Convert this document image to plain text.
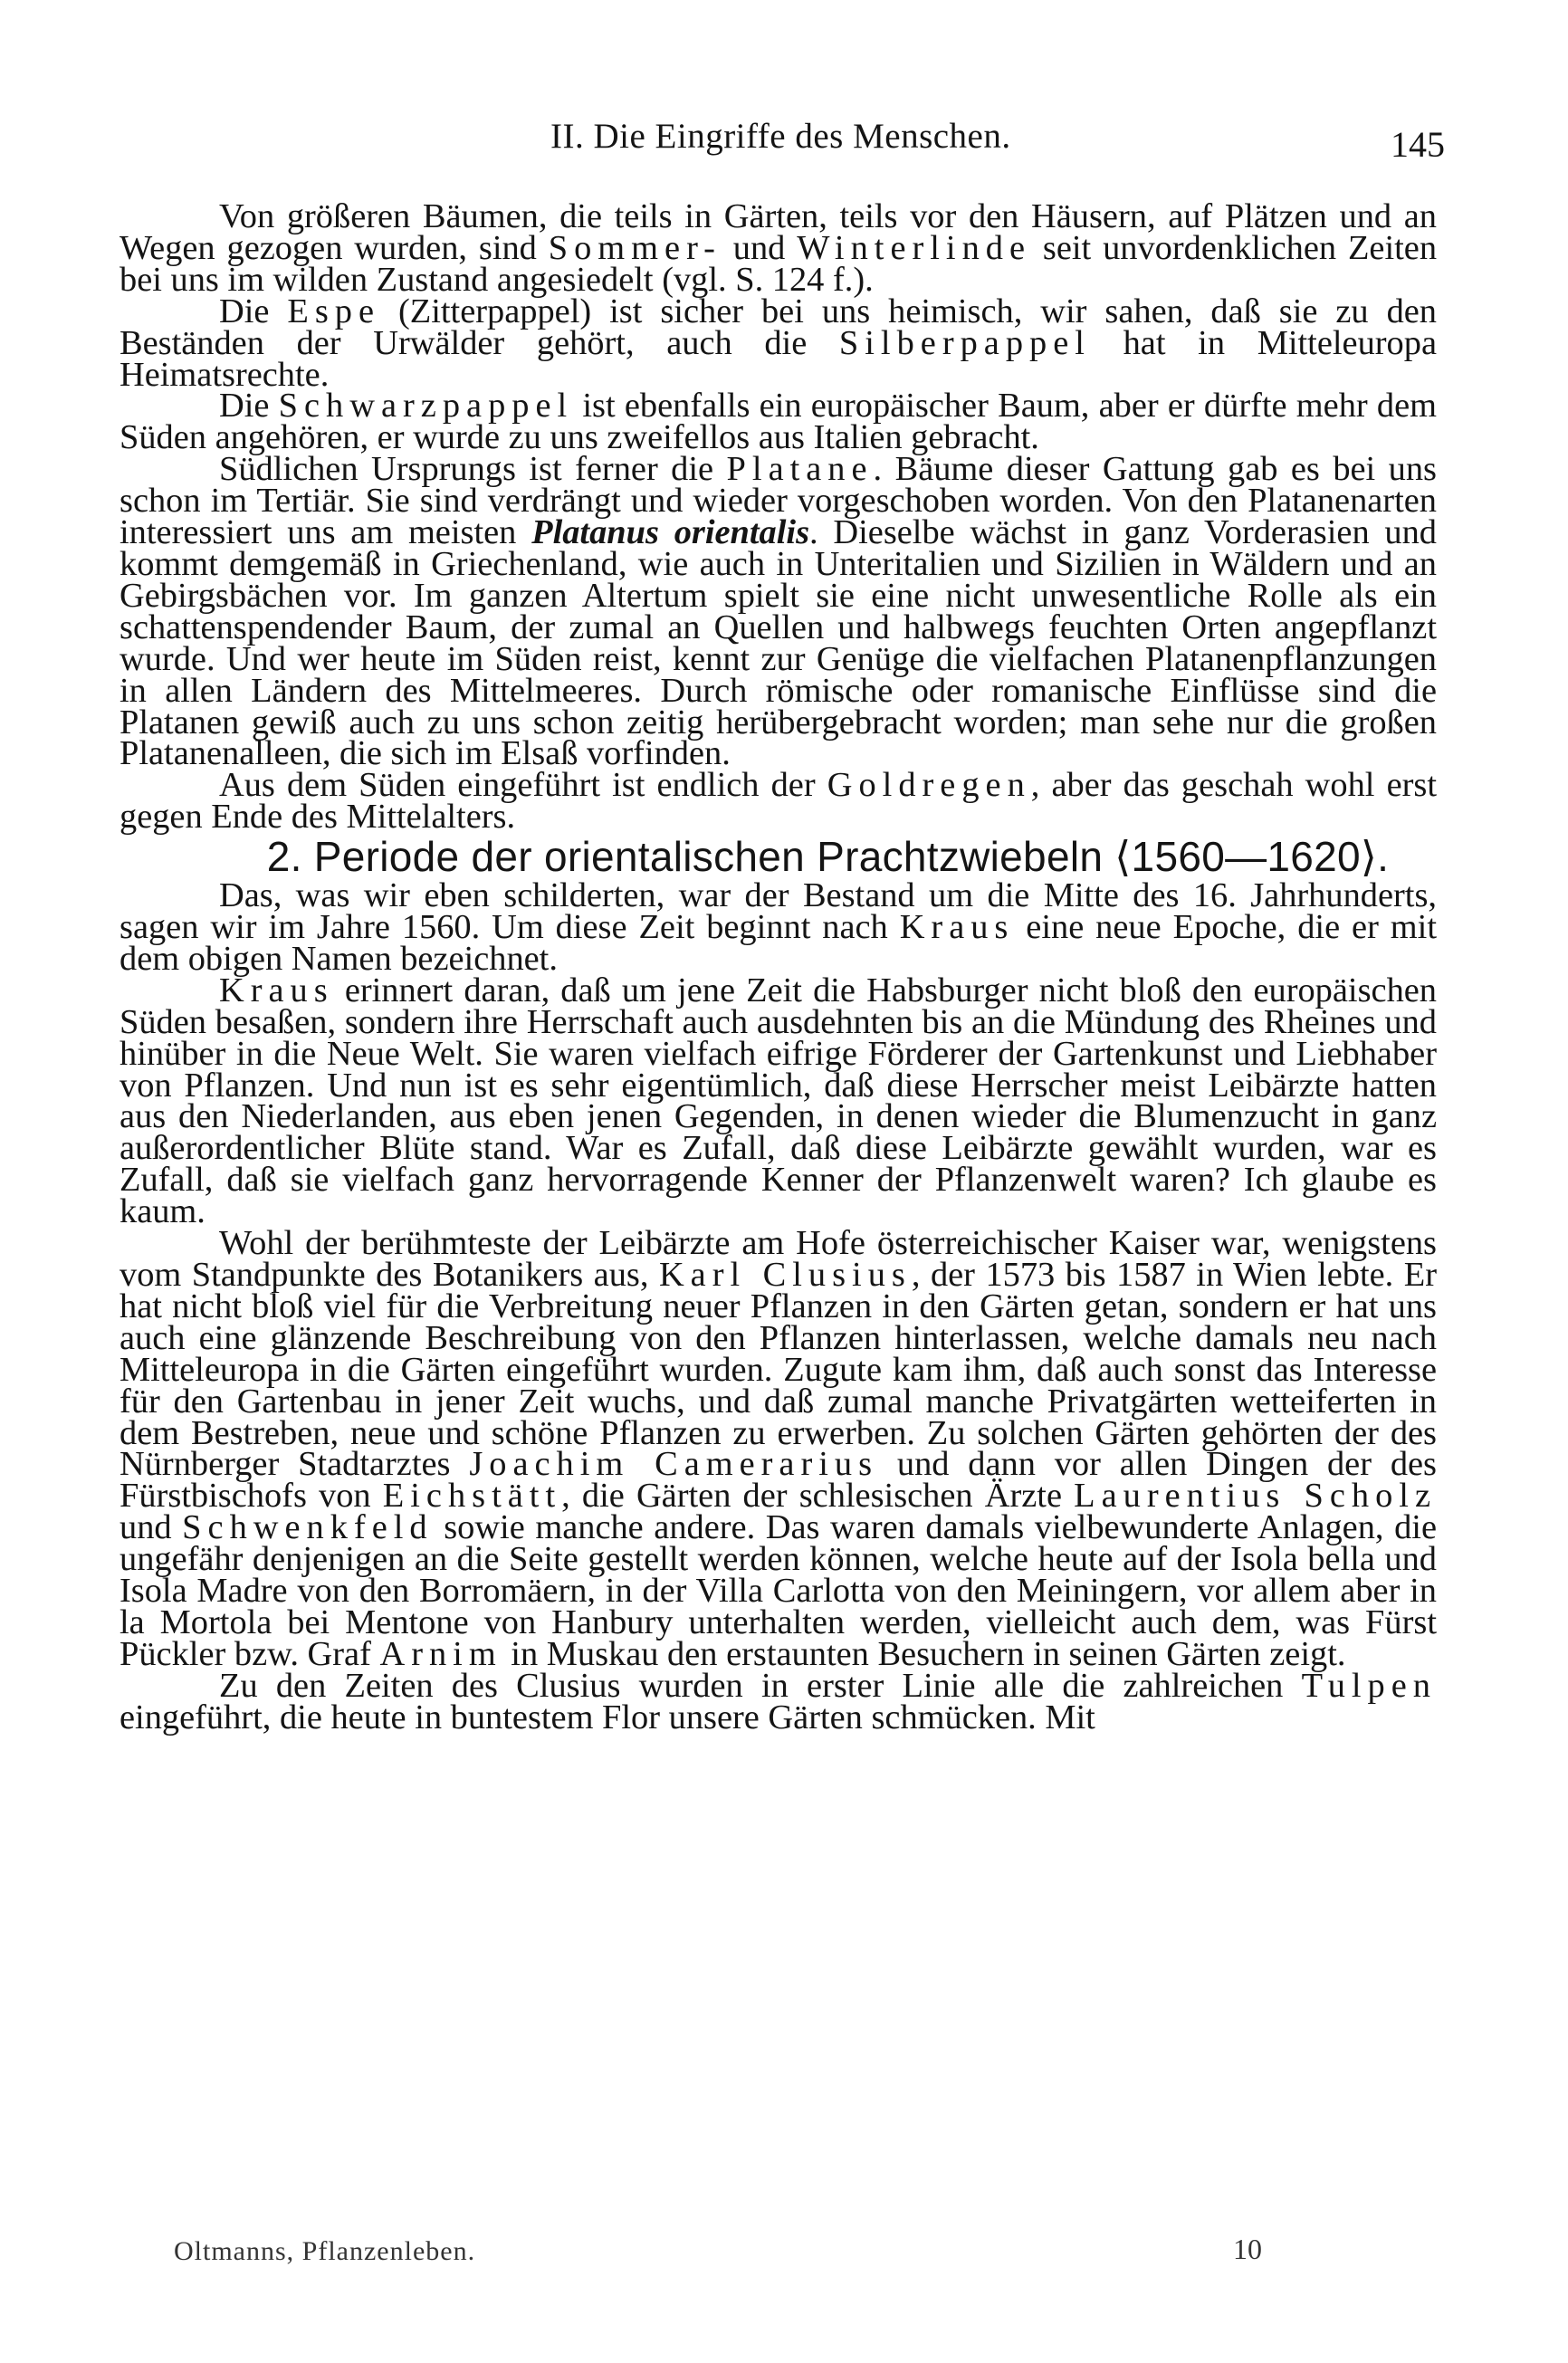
II. Die Eingriffe des Menschen.	145

Von größeren Bäumen, die teils in Gärten, teils vor den Häusern, auf Plätzen und an Wegen gezogen wurden, sind Sommer- und Winterlinde seit unvordenklichen Zeiten bei uns im wilden Zustand angesiedelt (vgl. S. 124 f.).

Die Espe (Zitterpappel) ist sicher bei uns heimisch, wir sahen, daß sie zu den Beständen der Urwälder gehört, auch die Silberpappel hat in Mitteleuropa Heimatsrechte.

Die Schwarzpappel ist ebenfalls ein europäischer Baum, aber er dürfte mehr dem Süden angehören, er wurde zu uns zweifellos aus Italien gebracht.

Südlichen Ursprungs ist ferner die Platane. Bäume dieser Gattung gab es bei uns schon im Tertiär. Sie sind verdrängt und wieder vorgeschoben worden. Von den Platanenarten interessiert uns am meisten Platanus orientalis. Dieselbe wächst in ganz Vorderasien und kommt demgemäß in Griechenland, wie auch in Unteritalien und Sizilien in Wäldern und an Gebirgsbächen vor. Im ganzen Altertum spielt sie eine nicht unwesentliche Rolle als ein schattenspendender Baum, der zumal an Quellen und halbwegs feuchten Orten angepflanzt wurde. Und wer heute im Süden reist, kennt zur Genüge die vielfachen Platanenpflanzungen in allen Ländern des Mittelmeeres. Durch römische oder romanische Einflüsse sind die Platanen gewiß auch zu uns schon zeitig herübergebracht worden; man sehe nur die großen Platanenalleen, die sich im Elsaß vorfinden.

Aus dem Süden eingeführt ist endlich der Goldregen, aber das geschah wohl erst gegen Ende des Mittelalters.

2. Periode der orientalischen Prachtzwiebeln ⟨1560—1620⟩.

Das, was wir eben schilderten, war der Bestand um die Mitte des 16. Jahrhunderts, sagen wir im Jahre 1560. Um diese Zeit beginnt nach Kraus eine neue Epoche, die er mit dem obigen Namen bezeichnet.

Kraus erinnert daran, daß um jene Zeit die Habsburger nicht bloß den europäischen Süden besaßen, sondern ihre Herrschaft auch ausdehnten bis an die Mündung des Rheines und hinüber in die Neue Welt. Sie waren vielfach eifrige Förderer der Gartenkunst und Liebhaber von Pflanzen. Und nun ist es sehr eigentümlich, daß diese Herrscher meist Leibärzte hatten aus den Niederlanden, aus eben jenen Gegenden, in denen wieder die Blumenzucht in ganz außerordentlicher Blüte stand. War es Zufall, daß diese Leibärzte gewählt wurden, war es Zufall, daß sie vielfach ganz hervorragende Kenner der Pflanzenwelt waren? Ich glaube es kaum.

Wohl der berühmteste der Leibärzte am Hofe österreichischer Kaiser war, wenigstens vom Standpunkte des Botanikers aus, Karl Clusius, der 1573 bis 1587 in Wien lebte. Er hat nicht bloß viel für die Verbreitung neuer Pflanzen in den Gärten getan, sondern er hat uns auch eine glänzende Beschreibung von den Pflanzen hinterlassen, welche damals neu nach Mitteleuropa in die Gärten eingeführt wurden. Zugute kam ihm, daß auch sonst das Interesse für den Gartenbau in jener Zeit wuchs, und daß zumal manche Privatgärten wetteiferten in dem Bestreben, neue und schöne Pflanzen zu erwerben. Zu solchen Gärten gehörten der des Nürnberger Stadtarztes Joachim Camerarius und dann vor allen Dingen der des Fürstbischofs von Eichstätt, die Gärten der schlesischen Ärzte Laurentius Scholz und Schwenkfeld sowie manche andere. Das waren damals vielbewunderte Anlagen, die ungefähr denjenigen an die Seite gestellt werden können, welche heute auf der Isola bella und Isola Madre von den Borromäern, in der Villa Carlotta von den Meiningern, vor allem aber in la Mortola bei Mentone von Hanbury unterhalten werden, vielleicht auch dem, was Fürst Pückler bzw. Graf Arnim in Muskau den erstaunten Besuchern in seinen Gärten zeigt.

Zu den Zeiten des Clusius wurden in erster Linie alle die zahlreichen Tulpen eingeführt, die heute in buntestem Flor unsere Gärten schmücken. Mit

Oltmanns, Pflanzenleben.	10
